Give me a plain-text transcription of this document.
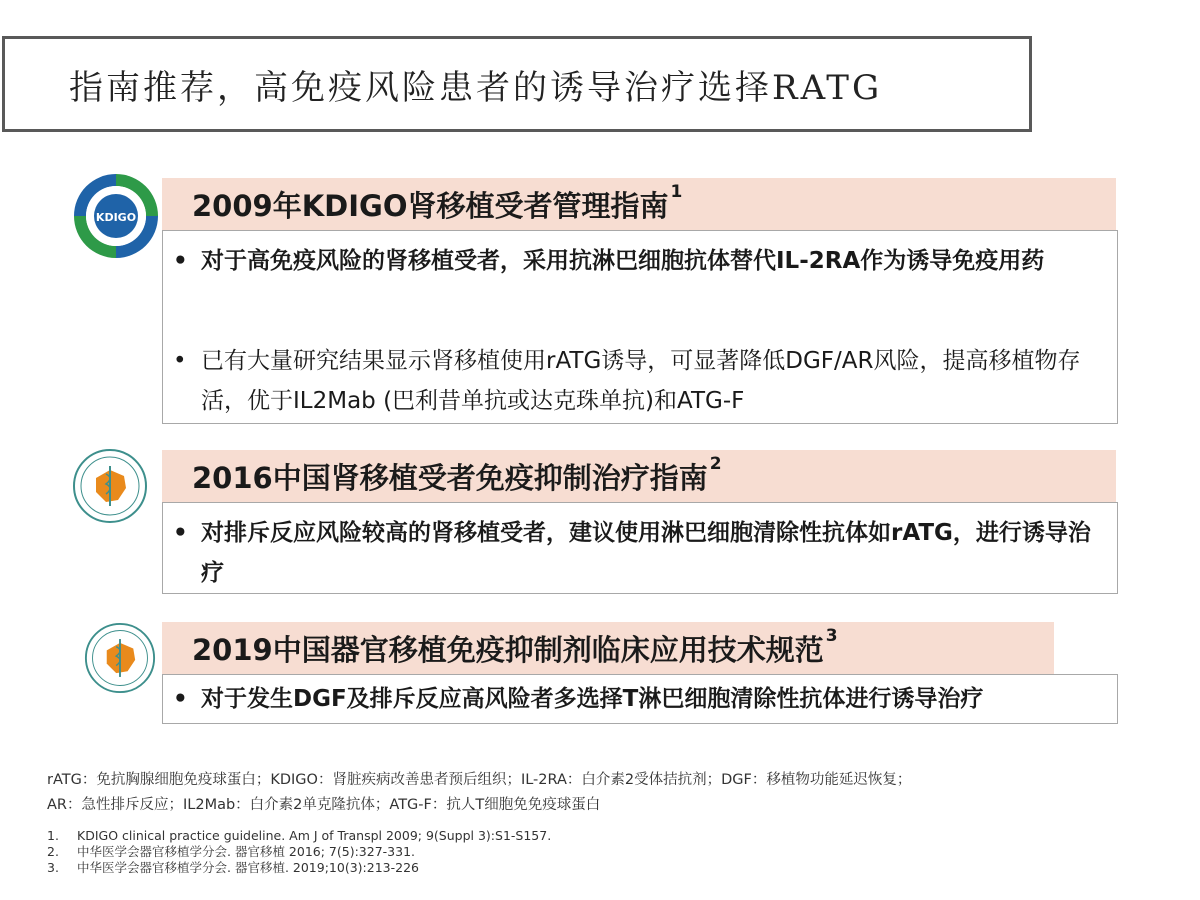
指南推荐，高免疫风险患者的诱导治疗选择RATG
KDIGO 2009年KDIGO肾移植受者管理指南 $^1$
• 对于高免疫风险的肾移植受者，采用抗淋巴细胞抗体替代IL-2RA作为诱导免疫用药
• 已有大量研究结果显示肾移植使用rATG诱导，可显著降低DGF/AR风险，提高移植物存活，优于IL2Mab (巴利昔单抗或达克珠单抗)和ATG-F
2016中国肾移植受者免疫抑制治疗指南 $^2$
• 对排斥反应风险较高的肾移植受者，建议使用淋巴细胞清除性抗体如rATG，进行诱导治疗
2019中国器官移植免疫抑制剂临床应用技术规范 $^3$
• 对于发生DGF及排斥反应高风险者多选择T淋巴细胞清除性抗体进行诱导治疗
rATG：免抗胸腺细胞免疫球蛋白；KDIGO：肾脏疾病改善患者预后组织；IL-2RA：白介素2受体拮抗剂；DGF：移植物功能延迟恢复；
AR：急性排斥反应；IL2Mab：白介素2单克隆抗体；ATG-F：抗人T细胞免免疫球蛋白
1.	KDIGO clinical practice guideline. Am J of Transpl 2009; 9(Suppl 3):S1-S157.
2.	中华医学会器官移植学分会. 器官移植 2016; 7(5):327-331.
3.	中华医学会器官移植学分会. 器官移植. 2019;10(3):213-226
